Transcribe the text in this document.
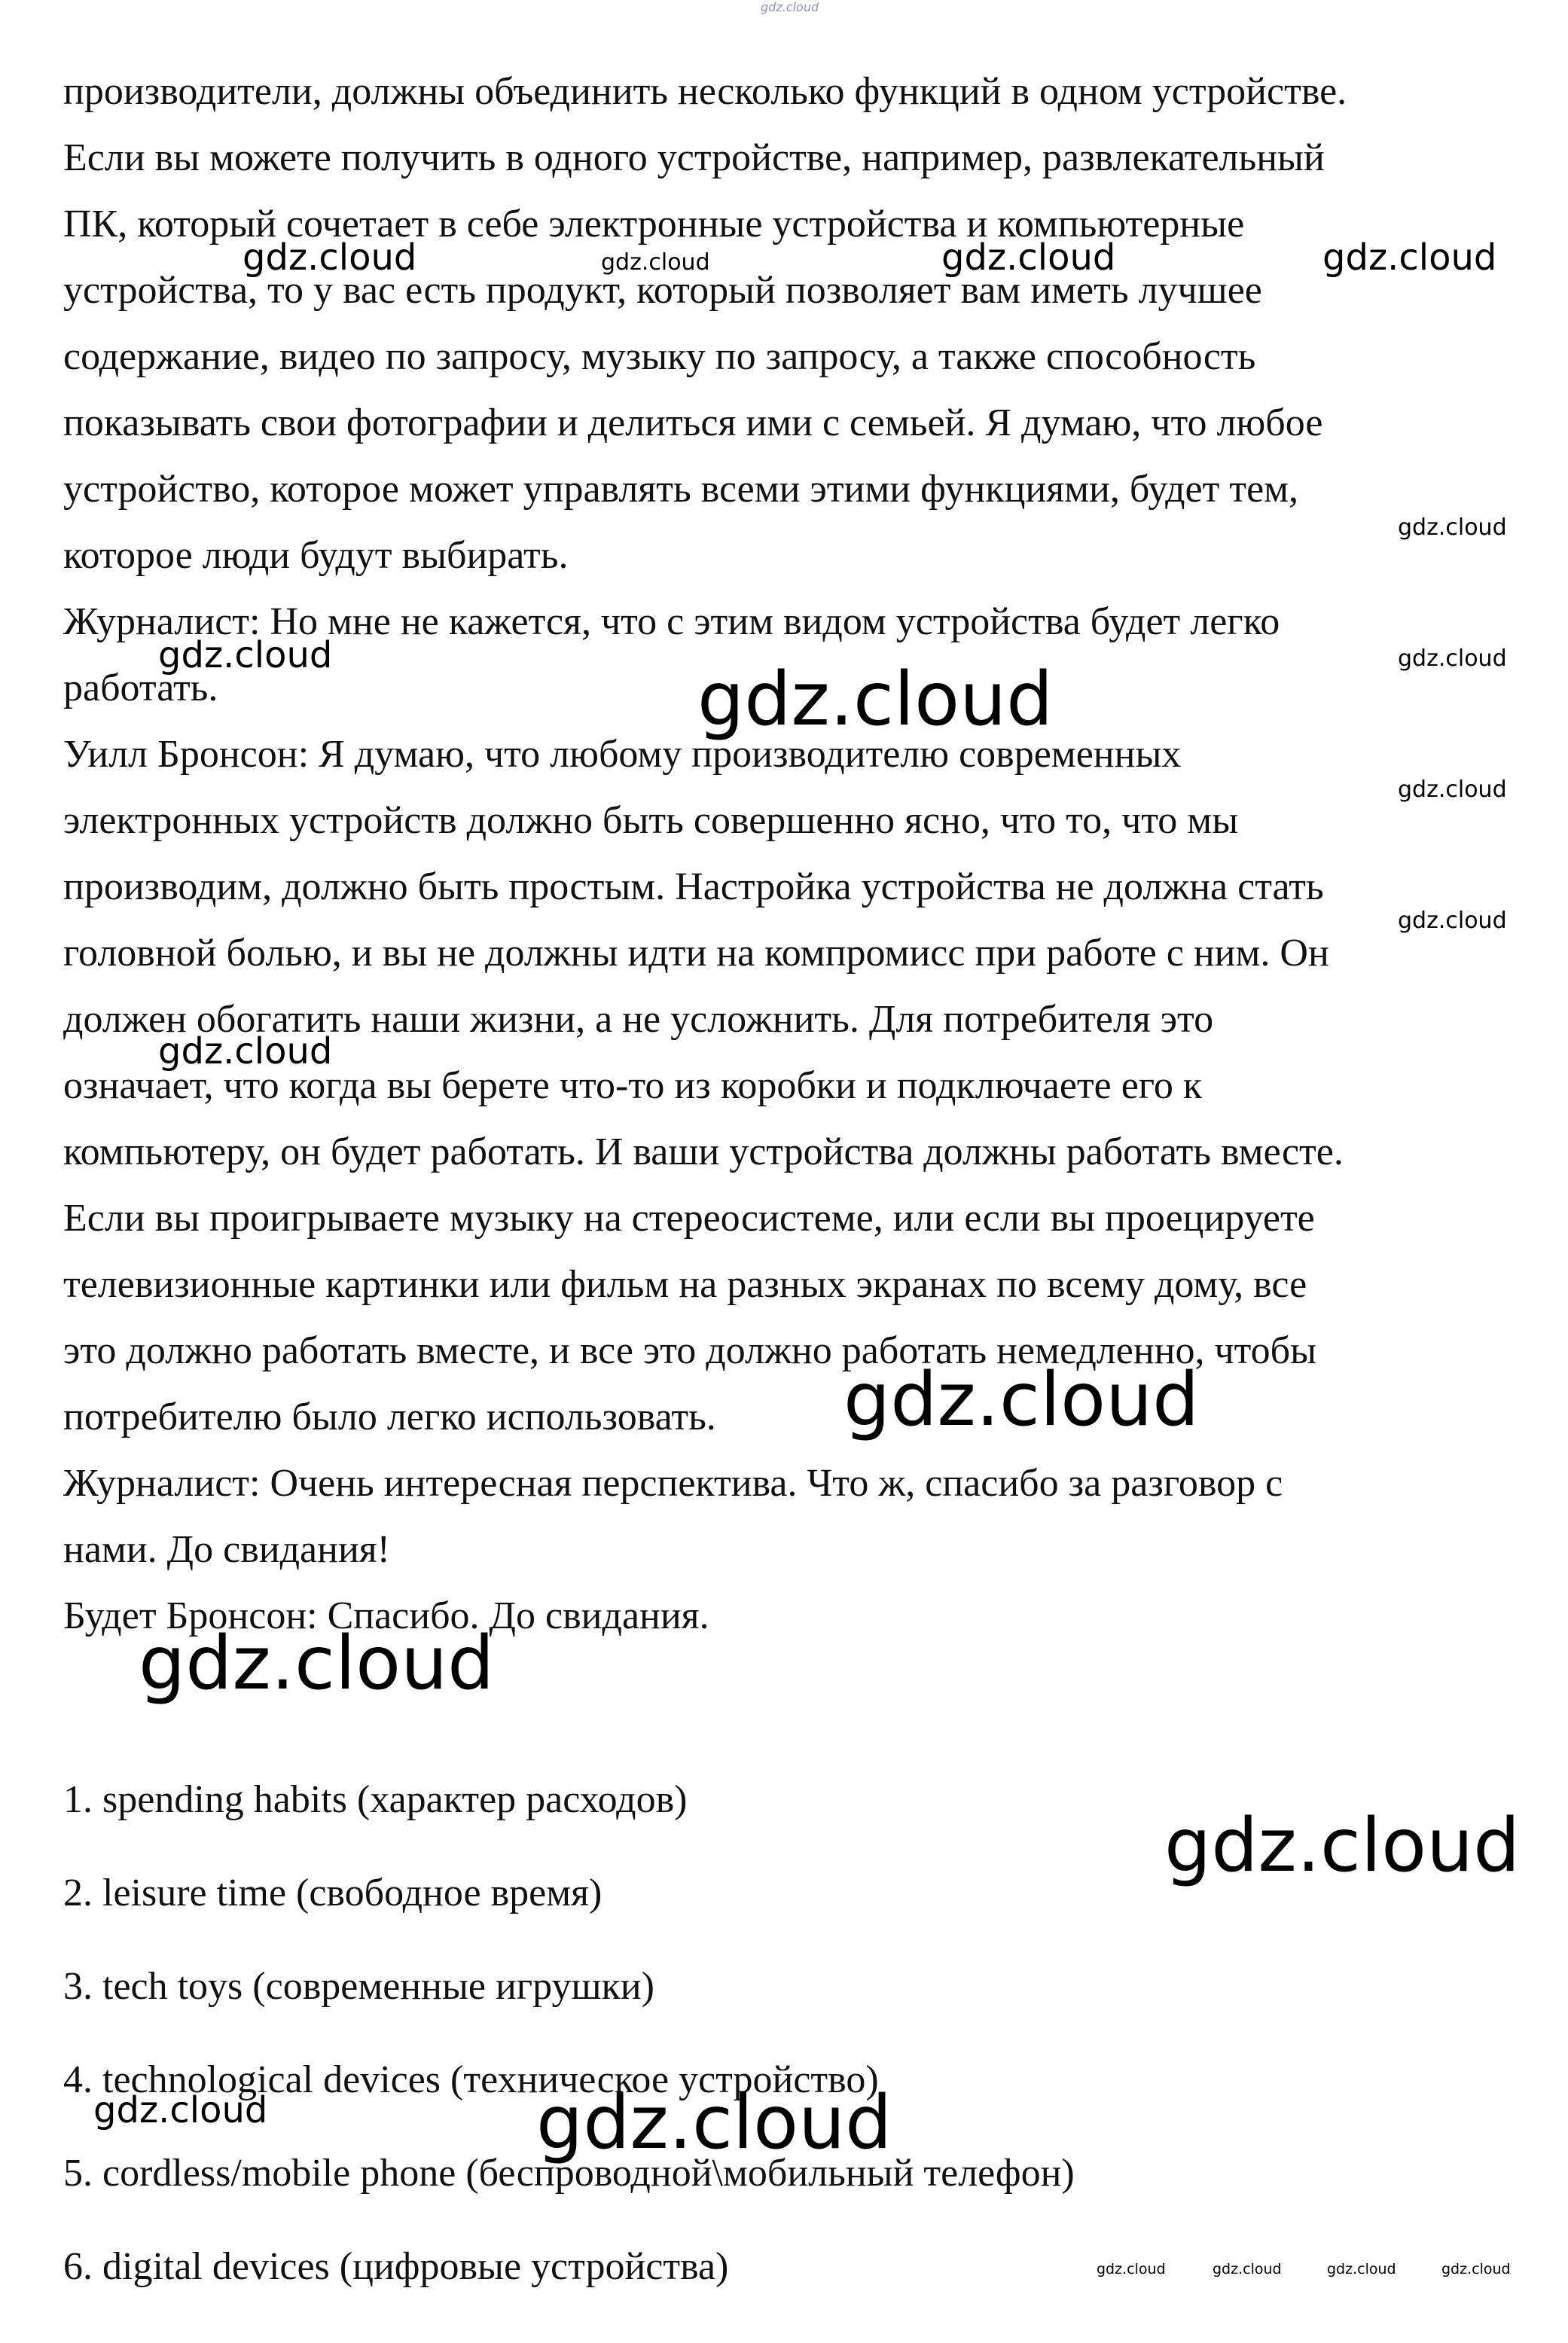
gdz.cloud
производители, должны объединить несколько функций в одном устройстве.
Если вы можете получить в одного устройстве, например, развлекательный
ПК, который сочетает в себе электронные устройства и компьютерные
устройства, то у вас есть продукт, который позволяет вам иметь лучшее
содержание, видео по запросу, музыку по запросу, а также способность
показывать свои фотографии и делиться ими с семьей. Я думаю, что любое
устройство, которое может управлять всеми этими функциями, будет тем,
которое люди будут выбирать.
Журналист: Но мне не кажется, что с этим видом устройства будет легко
работать.
Уилл Бронсон: Я думаю, что любому производителю современных
электронных устройств должно быть совершенно ясно, что то, что мы
производим, должно быть простым. Настройка устройства не должна стать
головной болью, и вы не должны идти на компромисс при работе с ним. Он
должен обогатить наши жизни, а не усложнить. Для потребителя это
означает, что когда вы берете что-то из коробки и подключаете его к
компьютеру, он будет работать. И ваши устройства должны работать вместе.
Если вы проигрываете музыку на стереосистеме, или если вы проецируете
телевизионные картинки или фильм на разных экранах по всему дому, все
это должно работать вместе, и все это должно работать немедленно, чтобы
потребителю было легко использовать.
Журналист: Очень интересная перспектива. Что ж, спасибо за разговор с
нами. До свидания!
Будет Бронсон: Спасибо. До свидания.
1. spending habits (характер расходов)
2. leisure time (свободное время)
3. tech toys (современные игрушки)
4. technological devices (техническое устройство)
5. cordless/mobile phone (беспроводной\мобильный телефон)
6. digital devices (цифровые устройства)
gdz.cloud	gdz.cloud	gdz.cloud	gdz.cloud
gdz.cloud
gdz.cloud	gdz.cloud
gdz.cloud
gdz.cloud
gdz.cloud
gdz.cloud
gdz.cloud
gdz.cloud
gdz.cloud
gdz.cloud	gdz.cloud
gdz.cloud	gdz.cloud	gdz.cloud	gdz.cloud
